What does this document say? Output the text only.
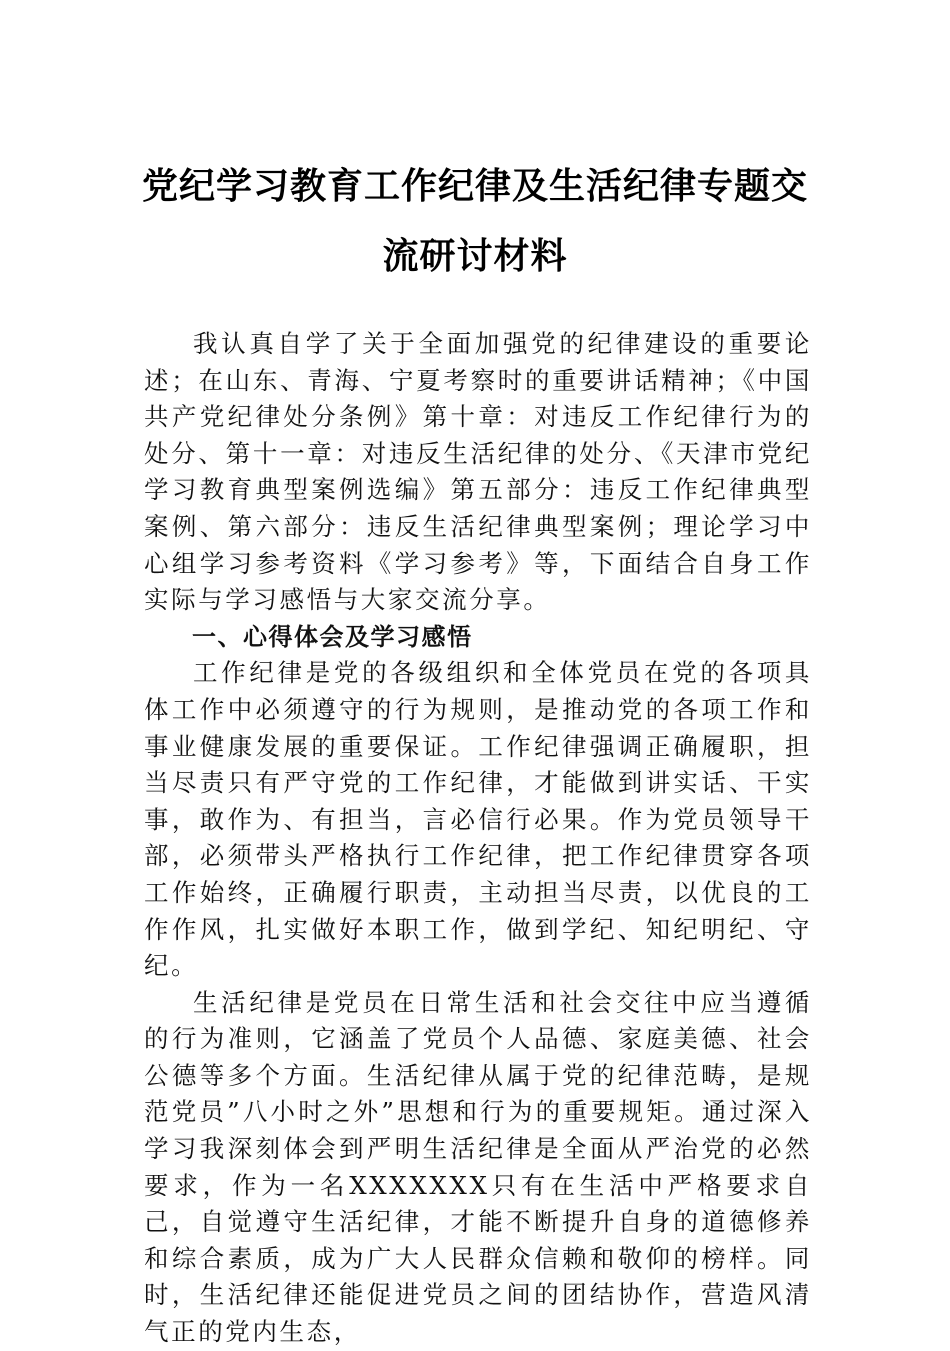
党纪学习教育工作纪律及生活纪律专题交
流研讨材料

我认真自学了关于全面加强党的纪律建设的重要论述；在山东、青海、宁夏考察时的重要讲话精神；《中国共产党纪律处分条例》第十章：对违反工作纪律行为的处分、第十一章：对违反生活纪律的处分、《天津市党纪学习教育典型案例选编》第五部分：违反工作纪律典型案例、第六部分：违反生活纪律典型案例；理论学习中心组学习参考资料《学习参考》等，下面结合自身工作实际与学习感悟与大家交流分享。

一、心得体会及学习感悟

工作纪律是党的各级组织和全体党员在党的各项具体工作中必须遵守的行为规则，是推动党的各项工作和事业健康发展的重要保证。工作纪律强调正确履职，担当尽责只有严守党的工作纪律，才能做到讲实话、干实事，敢作为、有担当，言必信行必果。作为党员领导干部，必须带头严格执行工作纪律，把工作纪律贯穿各项工作始终，正确履行职责，主动担当尽责，以优良的工作作风，扎实做好本职工作，做到学纪、知纪明纪、守纪。

生活纪律是党员在日常生活和社会交往中应当遵循的行为准则，它涵盖了党员个人品德、家庭美德、社会公德等多个方面。生活纪律从属于党的纪律范畴，是规范党员”八小时之外”思想和行为的重要规矩。通过深入学习我深刻体会到严明生活纪律是全面从严治党的必然要求，作为一名XXXXXXX只有在生活中严格要求自己，自觉遵守生活纪律，才能不断提升自身的道德修养和综合素质，成为广大人民群众信赖和敬仰的榜样。同时，生活纪律还能促进党员之间的团结协作，营造风清气正的党内生态，
